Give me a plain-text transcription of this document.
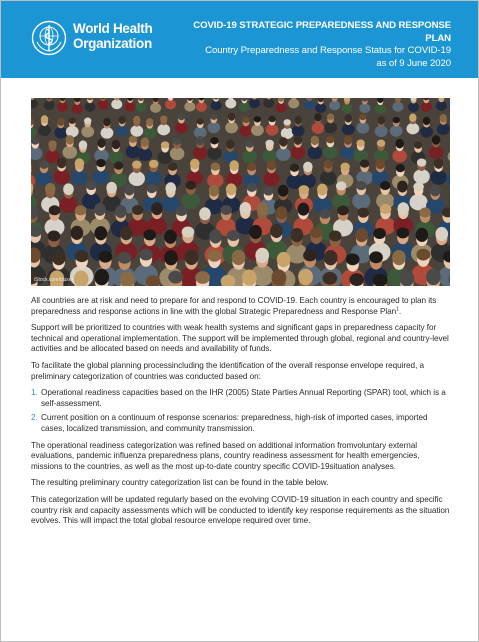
World Health
Organization
COVID-19 STRATEGIC PREPAREDNESS AND RESPONSE PLAN
Country Preparedness and Response Status for COVID-19
as of 9 June 2020
iStock.com/izusek

All countries are at risk and need to prepare for and respond to COVID-19. Each country is encouraged to plan its preparedness and response actions in line with the global Strategic Preparedness and Response Plan$^1$.

Support will be prioritized to countries with weak health systems and significant gaps in preparedness capacity for technical and operational implementation. The support will be implemented through global, regional and country-level activities and be allocated based on needs and availability of funds.

To facilitate the global planning processincluding the identification of the overall response envelope required, a preliminary categorization of countries was conducted based on:

1. Operational readiness capacities based on the IHR (2005) State Parties Annual Reporting (SPAR) tool, which is a self-assessment.
2. Current position on a continuum of response scenarios: preparedness, high-risk of imported cases, imported cases, localized transmission, and community transmission.

The operational readiness categorization was refined based on additional information fromvoluntary external evaluations, pandemic influenza preparedness plans, country readiness assessment for health emergencies, missions to the countries, as well as the most up-to-date country specific COVID-19situation analyses.

The resulting preliminary country categorization list can be found in the table below.

This categorization will be updated regularly based on the evolving COVID-19 situation in each country and specific country risk and capacity assessments which will be conducted to identify key response requirements as the situation evolves. This will impact the total global resource envelope required over time.
